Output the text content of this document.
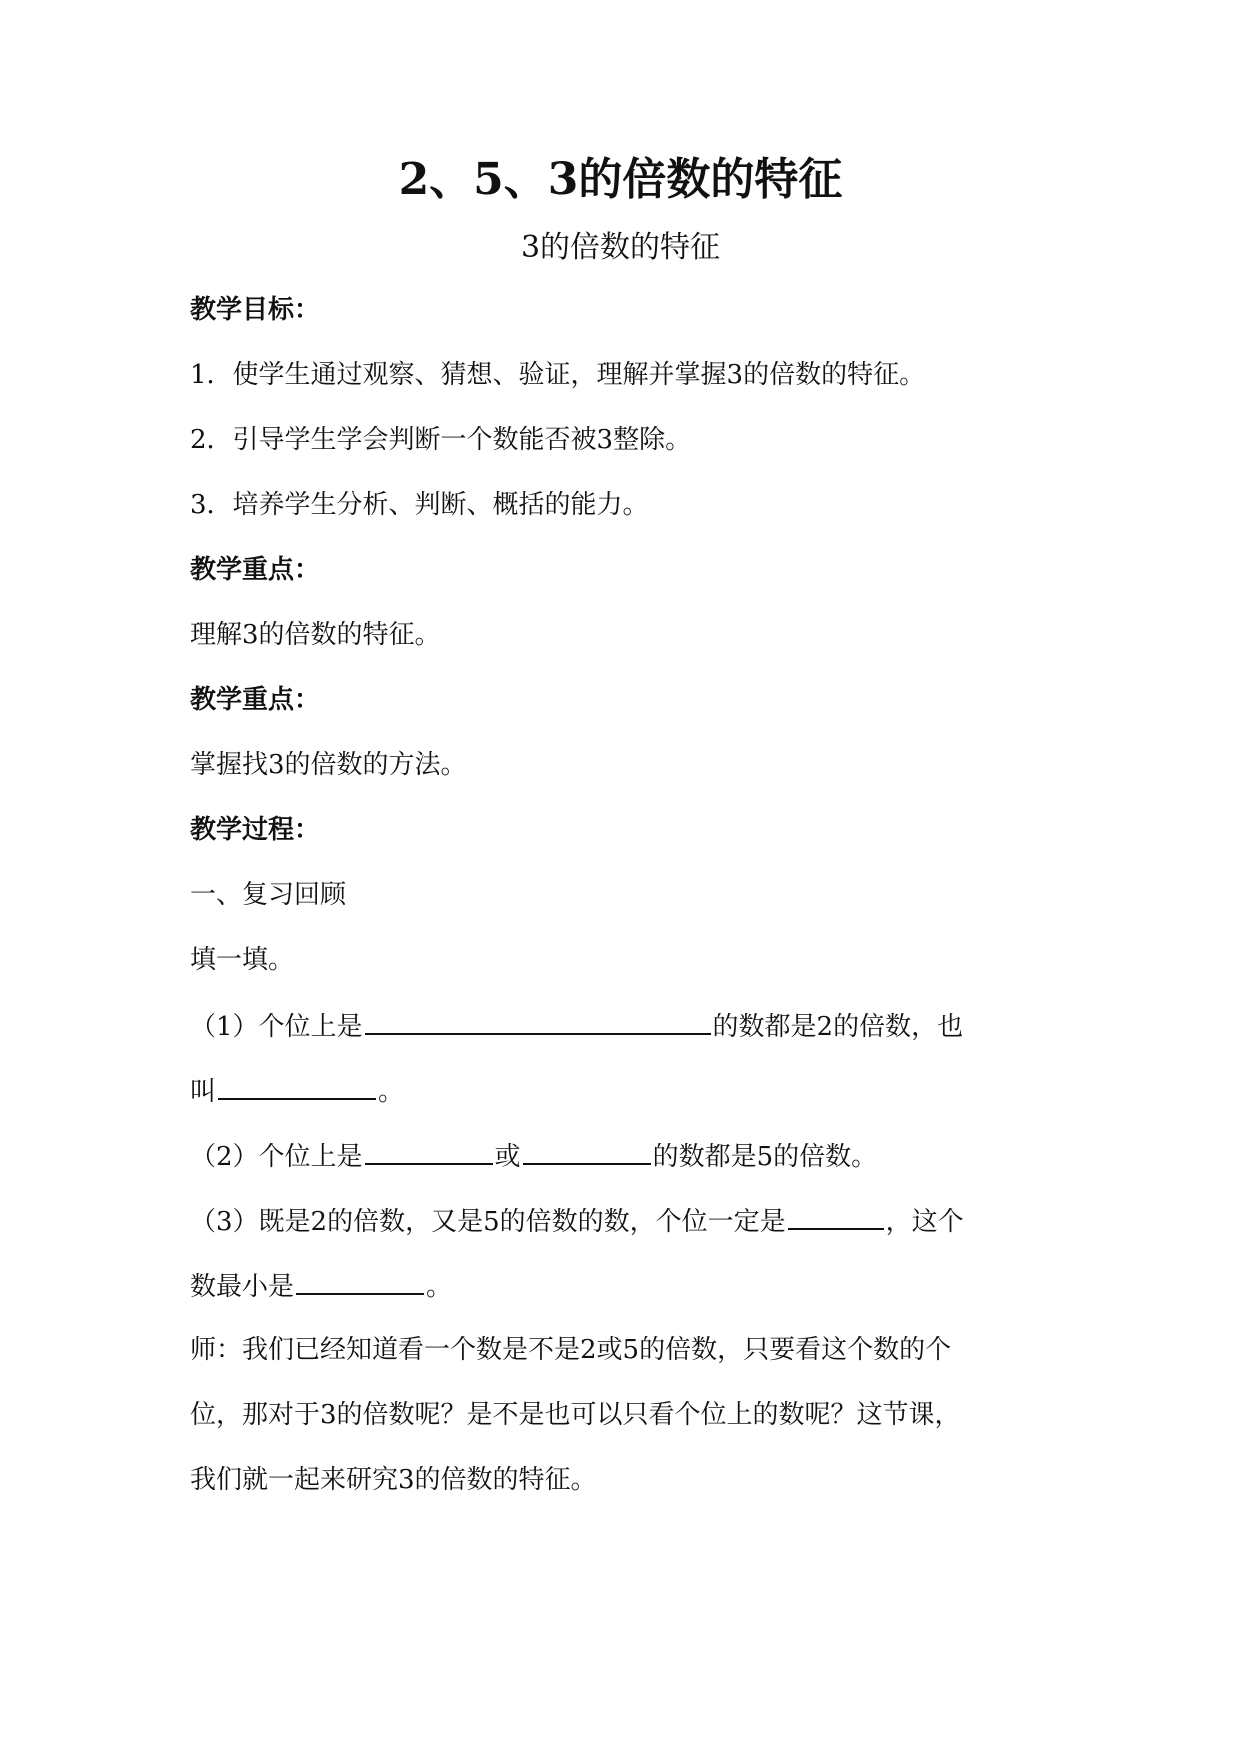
2、5、3的倍数的特征
3的倍数的特征
教学目标：
1．使学生通过观察、猜想、验证，理解并掌握3的倍数的特征。
2．引导学生学会判断一个数能否被3整除。
3．培养学生分析、判断、概括的能力。
教学重点：
理解3的倍数的特征。
教学重点：
掌握找3的倍数的方法。
教学过程：
一、复习回顾
填一填。
（1）个位上是	的数都是2的倍数，也
叫	。
（2）个位上是	或	的数都是5的倍数。
（3）既是2的倍数，又是5的倍数的数，个位一定是	，这个
数最小是	。
师：我们已经知道看一个数是不是2或5的倍数，只要看这个数的个
位，那对于3的倍数呢？是不是也可以只看个位上的数呢？这节课，
我们就一起来研究3的倍数的特征。
